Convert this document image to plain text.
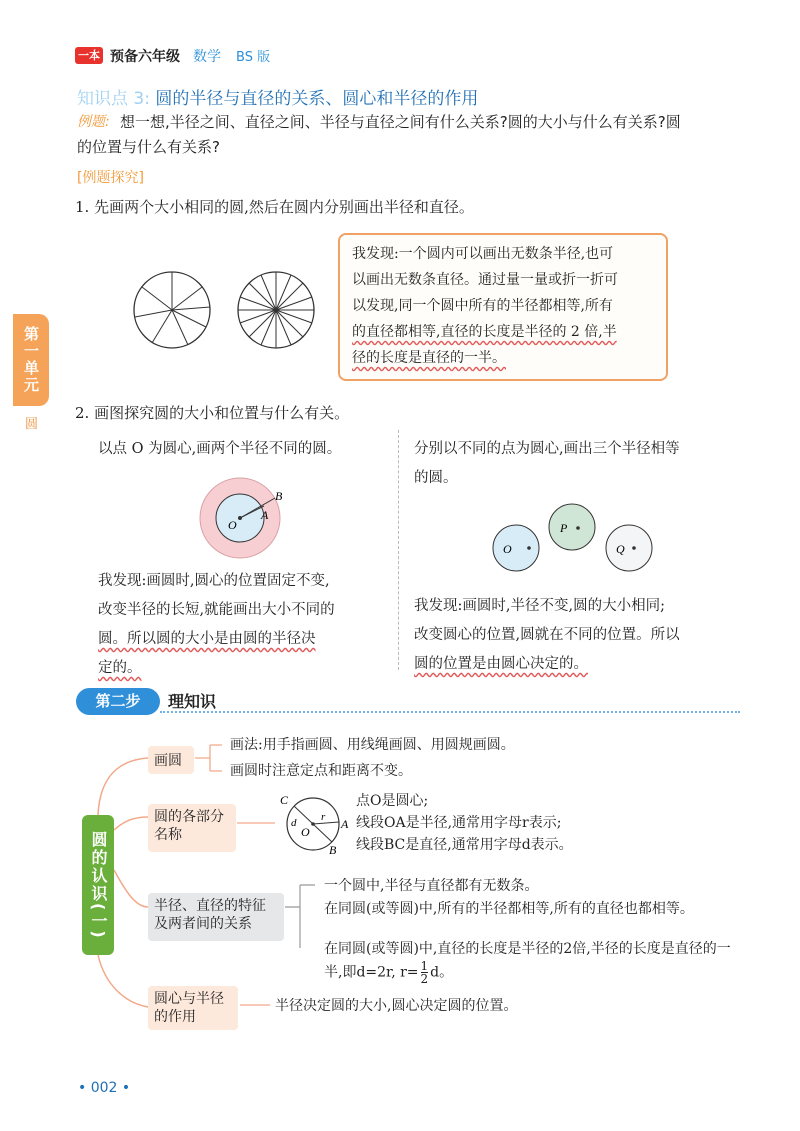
一本 预备六年级 数学 BS 版
知识点 3: 圆的半径与直径的关系、圆心和半径的作用
例题: 想一想,半径之间、直径之间、半径与直径之间有什么关系?圆的大小与什么有关系?圆
的位置与什么有关系?
[例题探究]
1. 先画两个大小相同的圆,然后在圆内分别画出半径和直径。
我发现:一个圆内可以画出无数条半径,也可
以画出无数条直径。通过量一量或折一折可
以发现,同一个圆中所有的半径都相等,所有
的直径都相等,直径的长度是半径的 2 倍,半
径的长度是直径的一半。
第一单元
圆
2. 画图探究圆的大小和位置与什么有关。
以点 O 为圆心,画两个半径不同的圆。
O
A
B
我发现:画圆时,圆心的位置固定不变,
改变半径的长短,就能画出大小不同的
圆。所以圆的大小是由圆的半径决
定的。
分别以不同的点为圆心,画出三个半径相等
的圆。
O
P
Q
我发现:画圆时,半径不变,圆的大小相同;
改变圆心的位置,圆就在不同的位置。所以
圆的位置是由圆心决定的。
第二步	理知识
圆的认识(一)
画圆
画法:用手指画圆、用线绳画圆、用圆规画圆。
画圆时注意定点和距离不变。
圆的各部分名称
C
A
B
O
d r
点O是圆心;
线段OA是半径,通常用字母r表示;
线段BC是直径,通常用字母d表示。
半径、直径的特征及两者间的关系
一个圆中,半径与直径都有无数条。
在同圆(或等圆)中,所有的半径都相等,所有的直径也都相等。
在同圆(或等圆)中,直径的长度是半径的2倍,半径的长度是直径的一半,即d=2r, $r= \frac{1}{2}$ d。
圆心与半径的作用
半径决定圆的大小,圆心决定圆的位置。
• 002 •
